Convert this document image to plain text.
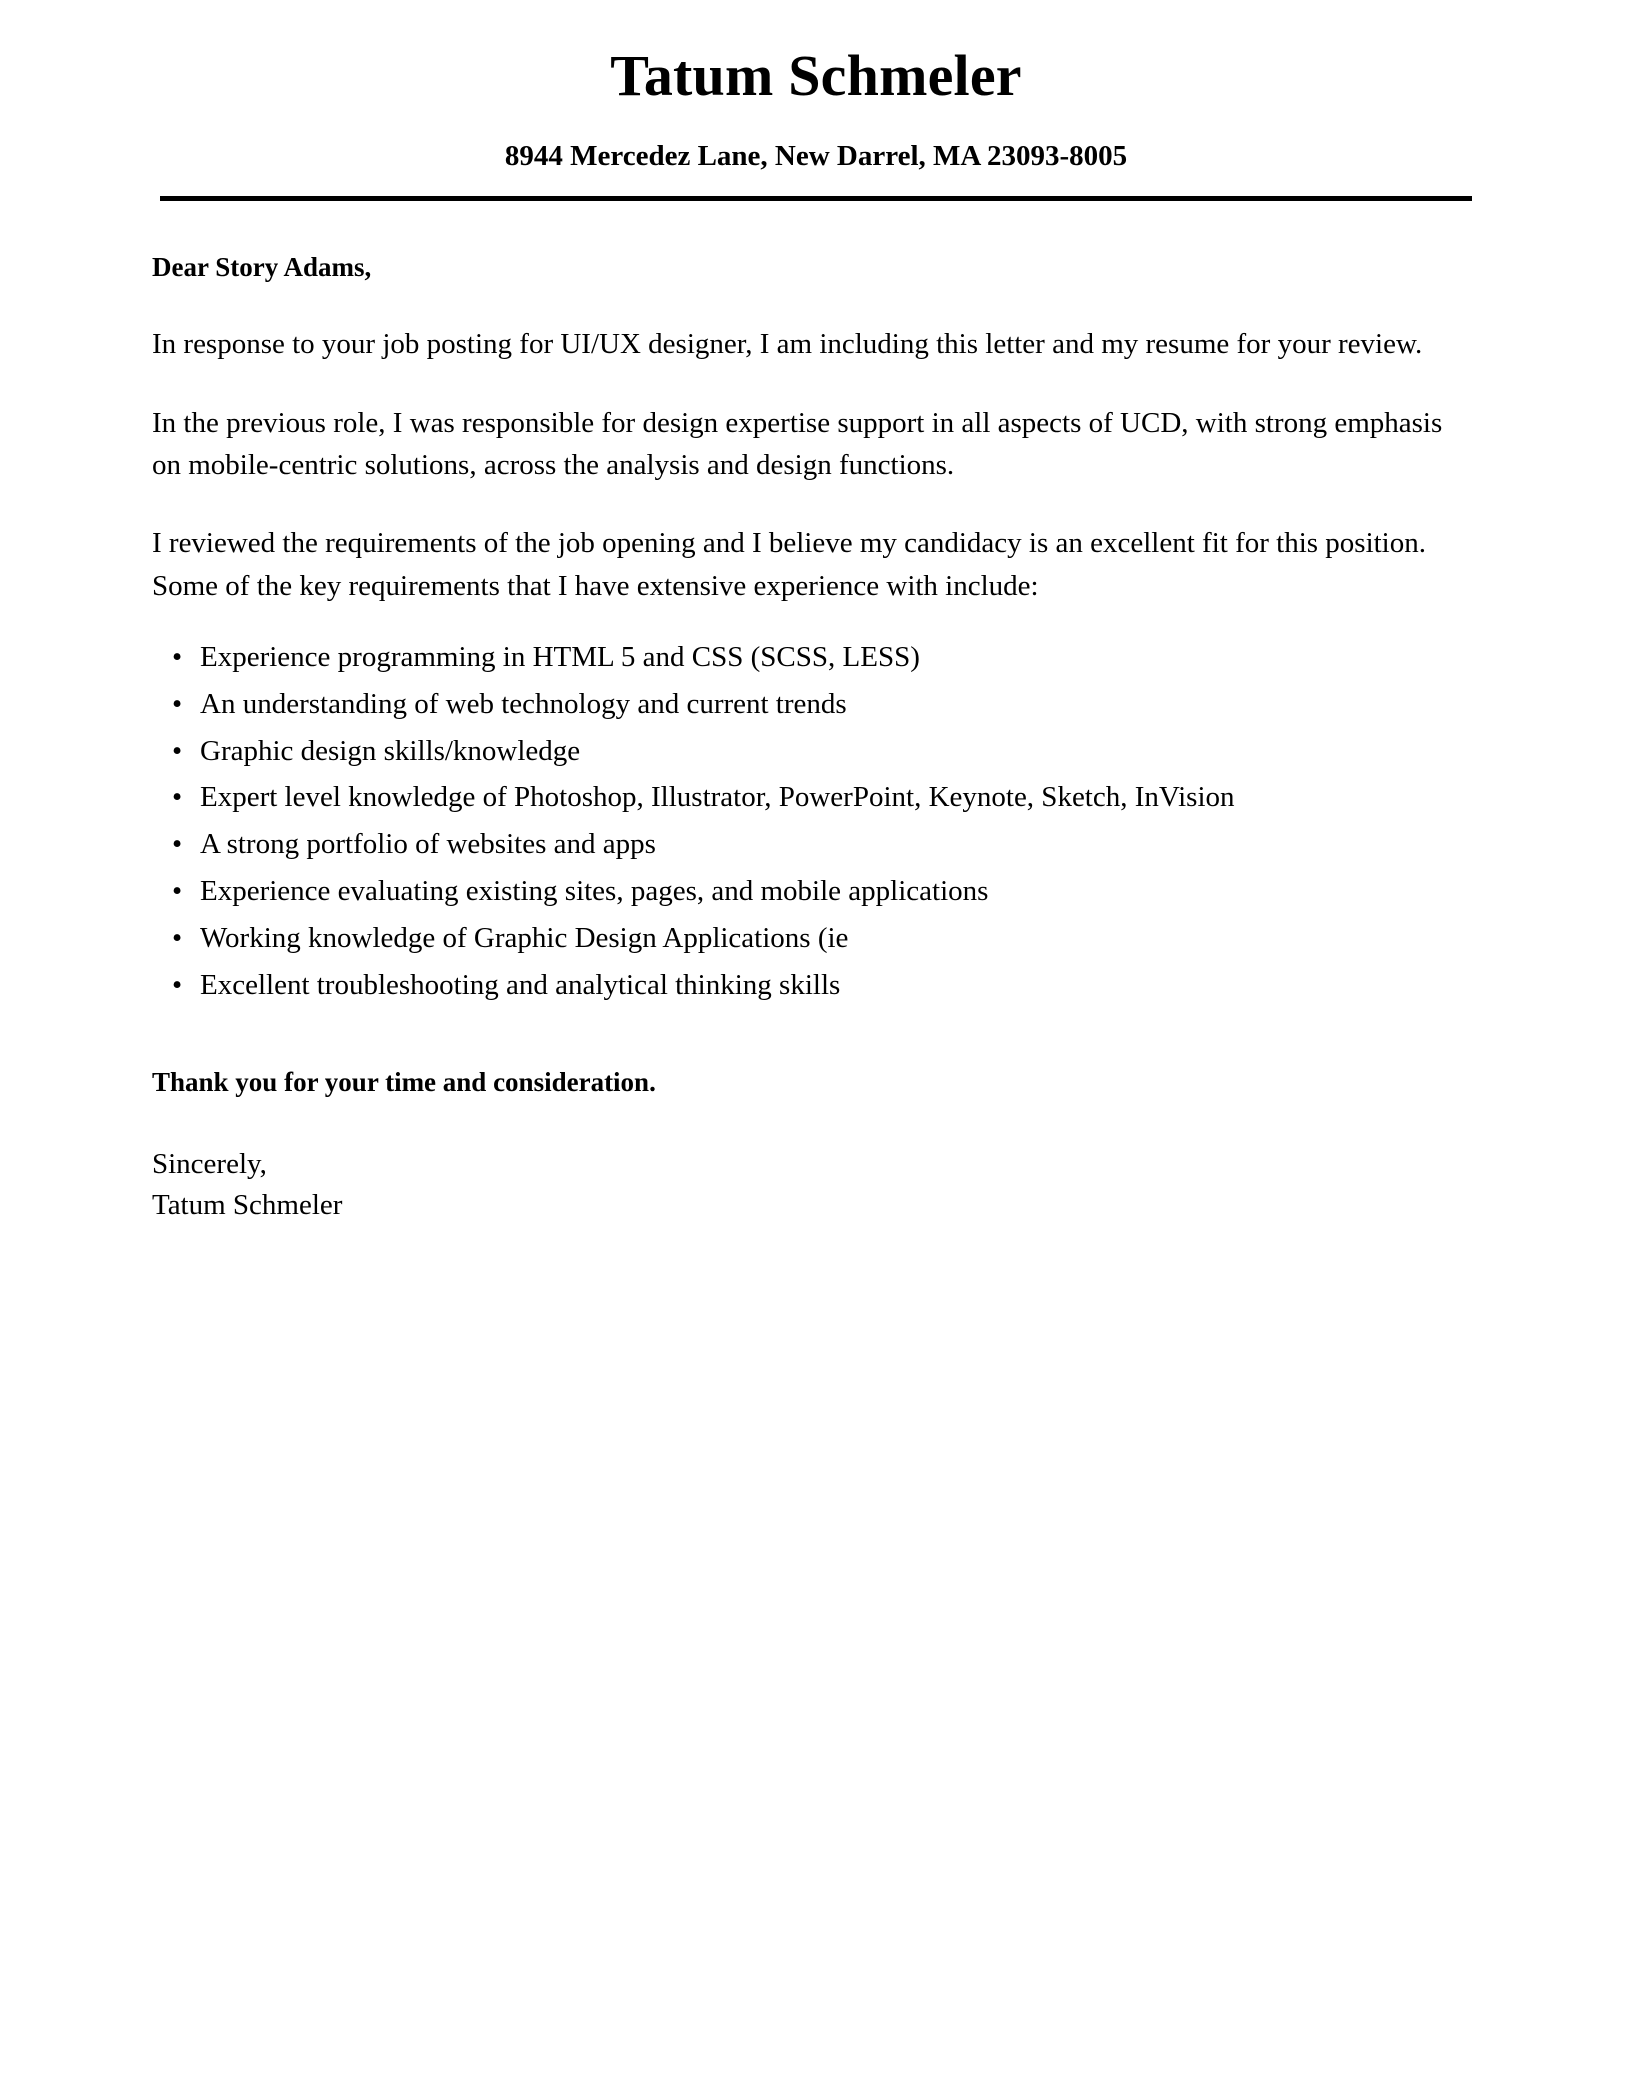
Tatum Schmeler
8944 Mercedez Lane, New Darrel, MA 23093-8005

Dear Story Adams,

In response to your job posting for UI/UX designer, I am including this letter and my resume for your review.

In the previous role, I was responsible for design expertise support in all aspects of UCD, with strong emphasis on mobile-centric solutions, across the analysis and design functions.

I reviewed the requirements of the job opening and I believe my candidacy is an excellent fit for this position. Some of the key requirements that I have extensive experience with include:

• Experience programming in HTML 5 and CSS (SCSS, LESS)
• An understanding of web technology and current trends
• Graphic design skills/knowledge
• Expert level knowledge of Photoshop, Illustrator, PowerPoint, Keynote, Sketch, InVision
• A strong portfolio of websites and apps
• Experience evaluating existing sites, pages, and mobile applications
• Working knowledge of Graphic Design Applications (ie
• Excellent troubleshooting and analytical thinking skills

Thank you for your time and consideration.

Sincerely,

Tatum Schmeler
